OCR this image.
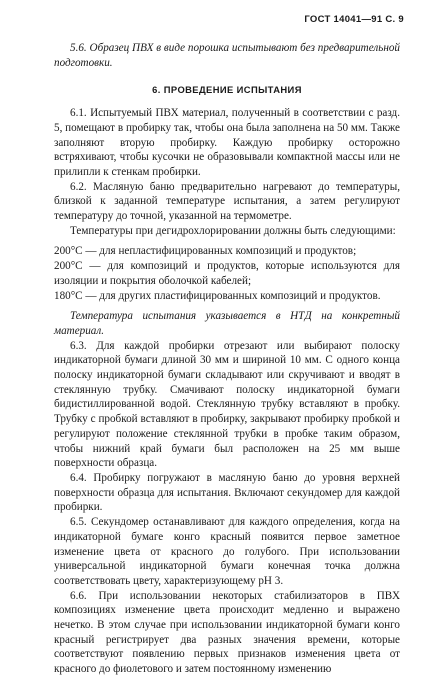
ГОСТ 14041—91 С. 9

5.6. Образец ПВХ в виде порошка испытывают без предварительной подготовки.

6. ПРОВЕДЕНИЕ ИСПЫТАНИЯ

6.1. Испытуемый ПВХ материал, полученный в соответствии с разд. 5, помещают в пробирку так, чтобы она была заполнена на 50 мм. Также заполняют вторую пробирку. Каждую пробирку осторожно встряхивают, чтобы кусочки не образовывали компактной массы или не прилипли к стенкам пробирки.

6.2. Масляную баню предварительно нагревают до температуры, близкой к заданной температуре испытания, а затем регулируют температуру до точной, указанной на термометре.

Температуры при дегидрохлорировании должны быть следующими:

200°С — для непластифицированных композиций и продуктов;

200°С — для композиций и продуктов, которые используются для изоляции и покрытия оболочкой кабелей;

180°С — для других пластифицированных композиций и продуктов.

Температура испытания указывается в НТД на конкретный материал.

6.3. Для каждой пробирки отрезают или выбирают полоску индикаторной бумаги длиной 30 мм и шириной 10 мм. С одного конца полоску индикаторной бумаги складывают или скручивают и вводят в стеклянную трубку. Смачивают полоску индикаторной бумаги бидистиллированной водой. Стеклянную трубку вставляют в пробку. Трубку с пробкой вставляют в пробирку, закрывают пробирку пробкой и регулируют положение стеклянной трубки в пробке таким образом, чтобы нижний край бумаги был расположен на 25 мм выше поверхности образца.

6.4. Пробирку погружают в масляную баню до уровня верхней поверхности образца для испытания. Включают секундомер для каждой пробирки.

6.5. Секундомер останавливают для каждого определения, когда на индикаторной бумаге конго красный появится первое заметное изменение цвета от красного до голубого. При использовании универсальной индикаторной бумаги конечная точка должна соответствовать цвету, характеризующему рН 3.

6.6. При использовании некоторых стабилизаторов в ПВХ композициях изменение цвета происходит медленно и выражено нечетко. В этом случае при использовании индикаторной бумаги конго красный регистрирует два разных значения времени, которые соответствуют появлению первых признаков изменения цвета от красного до фиолетового и затем постоянному изменению
